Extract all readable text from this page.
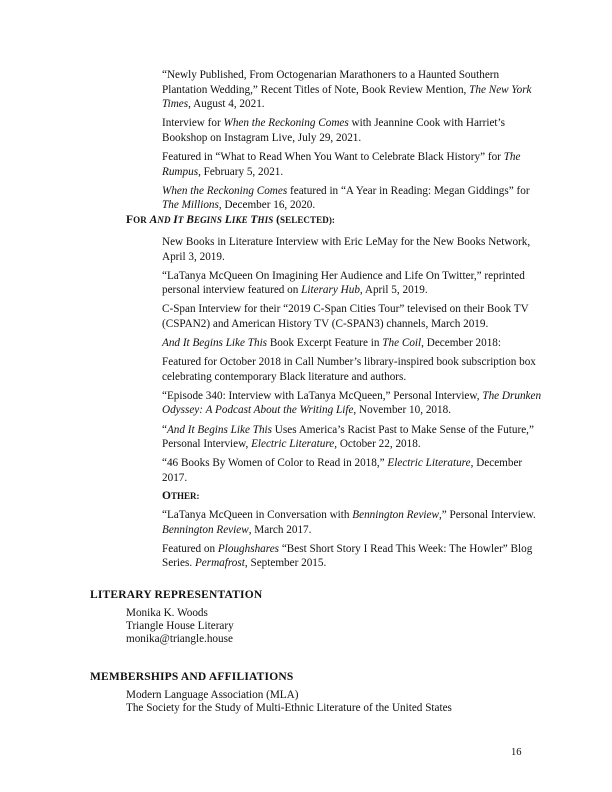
“Newly Published, From Octogenarian Marathoners to a Haunted Southern Plantation Wedding,” Recent Titles of Note, Book Review Mention, The New York Times, August 4, 2021.
Interview for When the Reckoning Comes with Jeannine Cook with Harriet’s Bookshop on Instagram Live, July 29, 2021.
Featured in “What to Read When You Want to Celebrate Black History” for The Rumpus, February 5, 2021.
When the Reckoning Comes featured in “A Year in Reading: Megan Giddings” for The Millions, December 16, 2020.
FOR AND IT BEGINS LIKE THIS (SELECTED):
New Books in Literature Interview with Eric LeMay for the New Books Network, April 3, 2019.
“LaTanya McQueen On Imagining Her Audience and Life On Twitter,” reprinted personal interview featured on Literary Hub, April 5, 2019.
C-Span Interview for their “2019 C-Span Cities Tour” televised on their Book TV (CSPAN2) and American History TV (C-SPAN3) channels, March 2019.
And It Begins Like This Book Excerpt Feature in The Coil, December 2018:
Featured for October 2018 in Call Number’s library-inspired book subscription box celebrating contemporary Black literature and authors.
“Episode 340: Interview with LaTanya McQueen,” Personal Interview, The Drunken Odyssey: A Podcast About the Writing Life, November 10, 2018.
“And It Begins Like This Uses America’s Racist Past to Make Sense of the Future,” Personal Interview, Electric Literature, October 22, 2018.
“46 Books By Women of Color to Read in 2018,” Electric Literature, December 2017.
OTHER:
“LaTanya McQueen in Conversation with Bennington Review,” Personal Interview. Bennington Review, March 2017.
Featured on Ploughshares “Best Short Story I Read This Week: The Howler” Blog Series. Permafrost, September 2015.
LITERARY REPRESENTATION
Monika K. Woods
Triangle House Literary
monika@triangle.house
MEMBERSHIPS AND AFFILIATIONS
Modern Language Association (MLA)
The Society for the Study of Multi-Ethnic Literature of the United States
16
